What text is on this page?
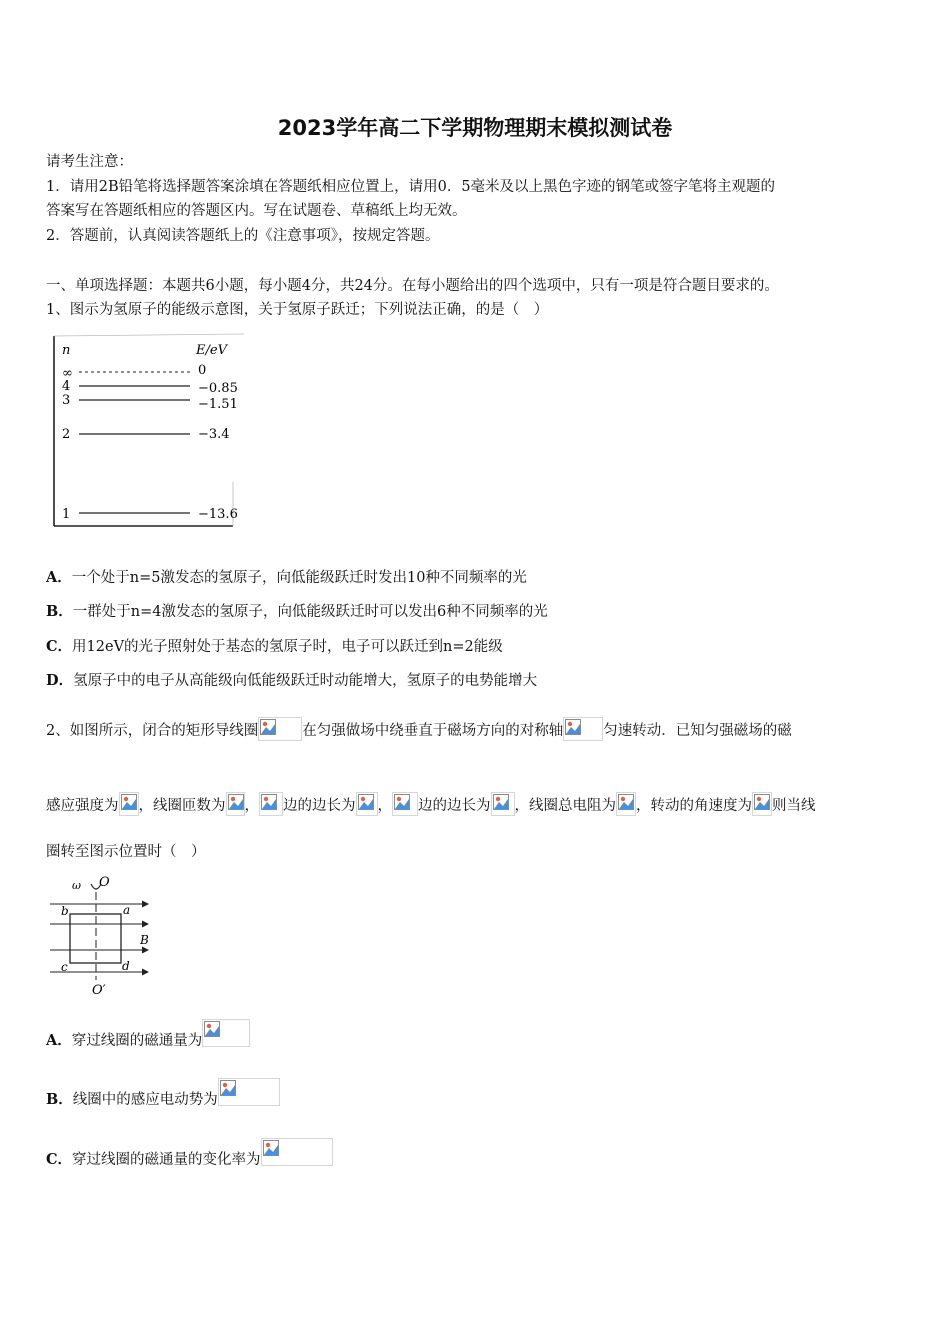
2023学年高二下学期物理期末模拟测试卷
请考生注意：
1．请用2B铅笔将选择题答案涂填在答题纸相应位置上，请用0．5毫米及以上黑色字迹的钢笔或签字笔将主观题的
答案写在答题纸相应的答题区内。写在试题卷、草稿纸上均无效。
2．答题前，认真阅读答题纸上的《注意事项》，按规定答题。
一、单项选择题：本题共6小题，每小题4分，共24分。在每小题给出的四个选项中，只有一项是符合题目要求的。
1、图示为氢原子的能级示意图，关于氢原子跃迁；下列说法正确，的是（　）
n	E/eV
∞	0
4	−0.85
3	−1.51
2	−3.4
1	−13.6
A．一个处于n=5激发态的氢原子，向低能级跃迁时发出10种不同频率的光
B．一群处于n=4激发态的氢原子，向低能级跃迁时可以发出6种不同频率的光
C．用12eV的光子照射处于基态的氢原子时，电子可以跃迁到n=2能级
D．氢原子中的电子从高能级向低能级跃迁时动能增大，氢原子的电势能增大
2、如图所示，闭合的矩形导线圈	在匀强做场中绕垂直于磁场方向的对称轴	匀速转动．已知匀强磁场的磁
感应强度为 ，线圈匝数为 ， 边的边长为 ， 边的边长为 ，线圈总电阻为 ，转动的角速度为 则当线
圈转至图示位置时（　）
ω O
O′
b	a
c	d
B
A．穿过线圈的磁通量为
B．线圈中的感应电动势为
C．穿过线圈的磁通量的变化率为
